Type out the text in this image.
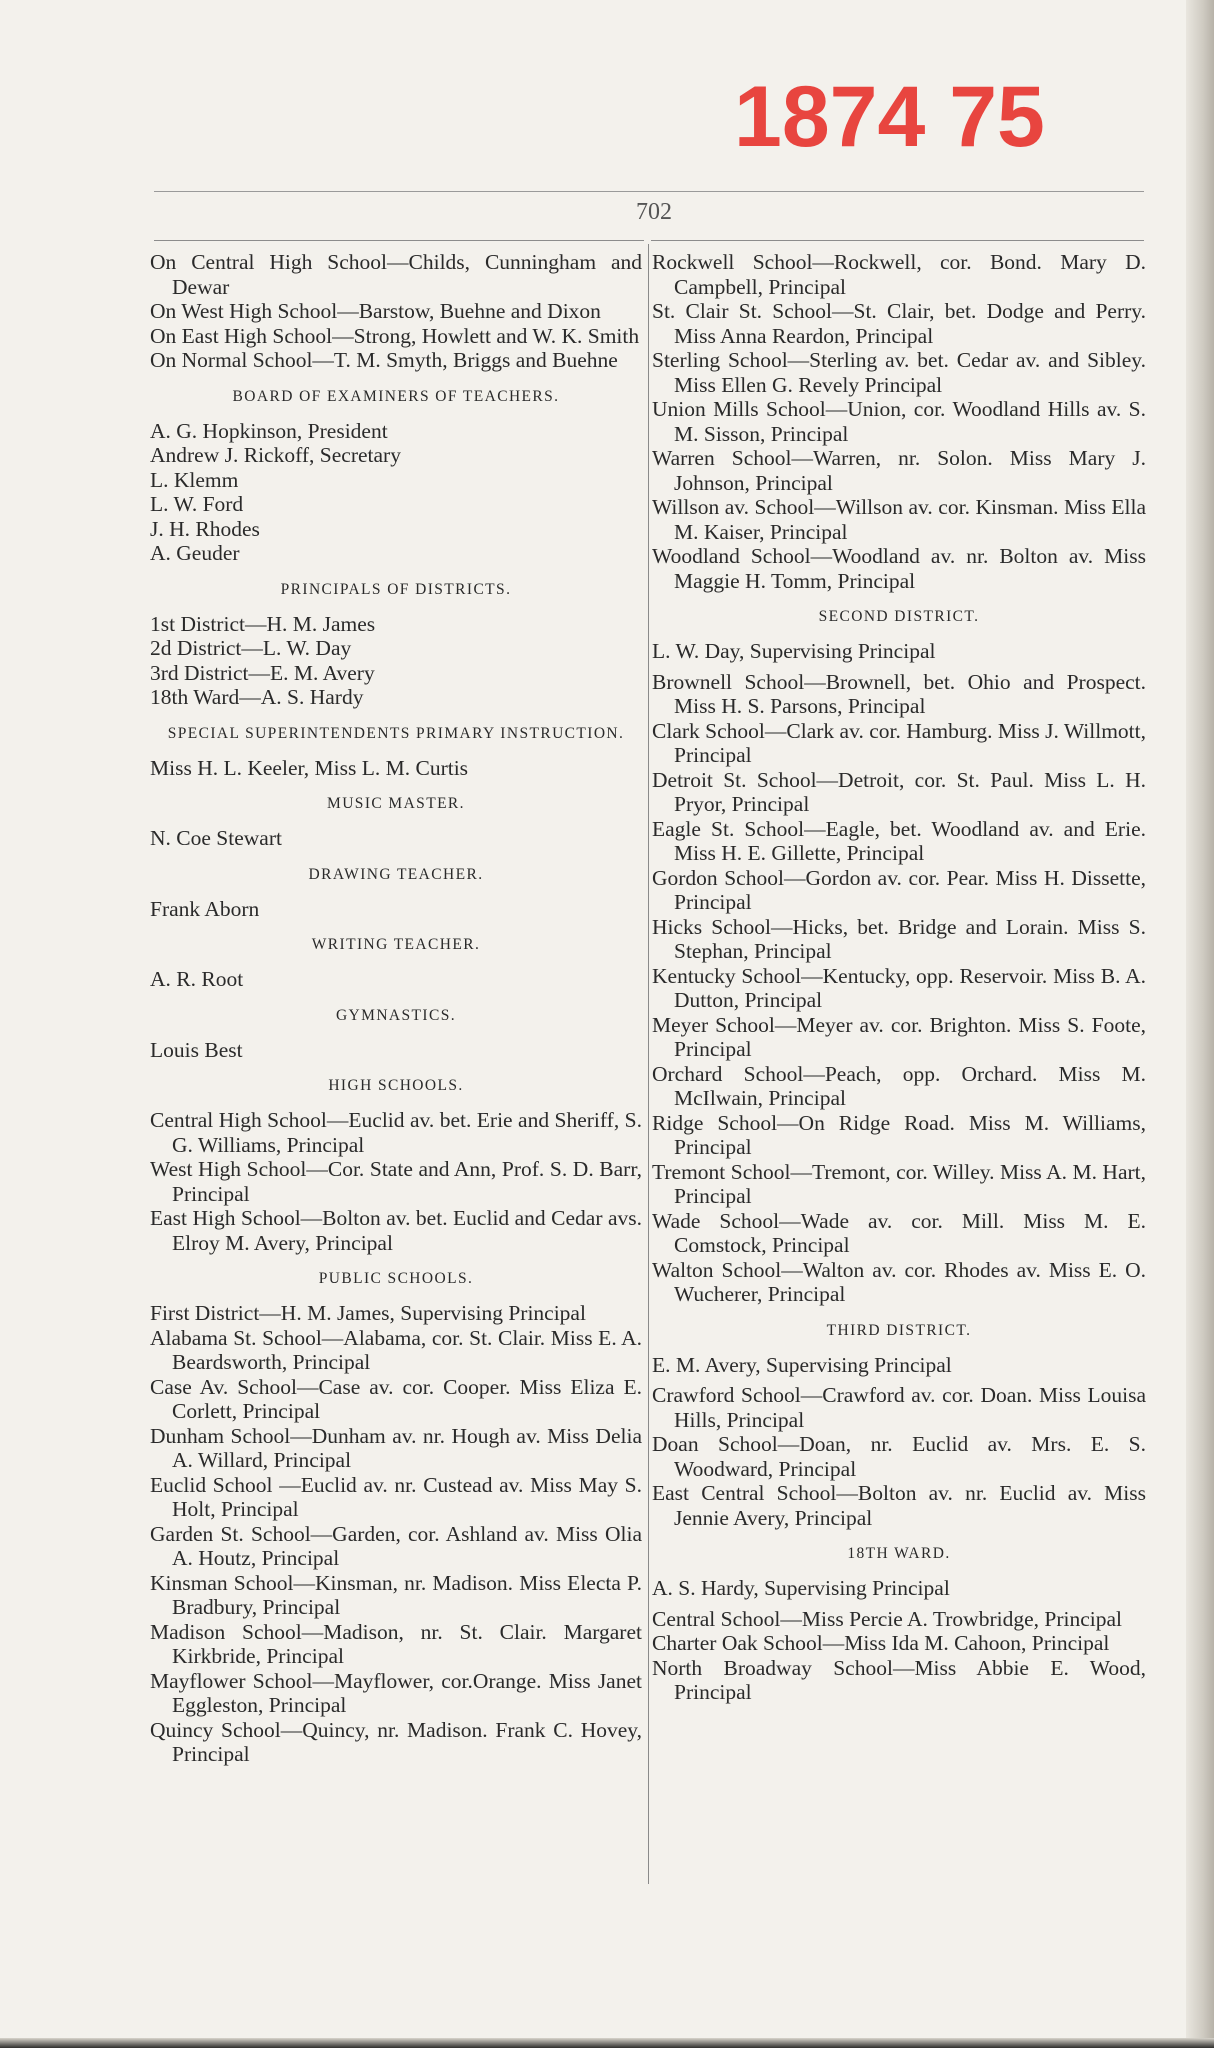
1874 75
702

On Central High School—Childs, Cunningham and Dewar

On West High School—Barstow, Buehne and Dixon

On East High School—Strong, Howlett and W. K. Smith

On Normal School—T. M. Smyth, Briggs and Buehne

BOARD OF EXAMINERS OF TEACHERS.

A. G. Hopkinson, President

Andrew J. Rickoff, Secretary

L. Klemm

L. W. Ford

J. H. Rhodes

A. Geuder

PRINCIPALS OF DISTRICTS.

1st District—H. M. James

2d District—L. W. Day

3rd District—E. M. Avery

18th Ward—A. S. Hardy

SPECIAL SUPERINTENDENTS PRIMARY INSTRUCTION.

Miss H. L. Keeler, Miss L. M. Curtis

MUSIC MASTER.

N. Coe Stewart

DRAWING TEACHER.

Frank Aborn

WRITING TEACHER.

A. R. Root

GYMNASTICS.

Louis Best

HIGH SCHOOLS.

Central High School—Euclid av. bet. Erie and Sheriff, S. G. Williams, Principal

West High School—Cor. State and Ann, Prof. S. D. Barr, Principal

East High School—Bolton av. bet. Euclid and Cedar avs. Elroy M. Avery, Principal

PUBLIC SCHOOLS.

First District—H. M. James, Supervising Principal

Alabama St. School—Alabama, cor. St. Clair. Miss E. A. Beardsworth, Principal

Case Av. School—Case av. cor. Cooper. Miss Eliza E. Corlett, Principal

Dunham School—Dunham av. nr. Hough av. Miss Delia A. Willard, Principal

Euclid School —Euclid av. nr. Custead av. Miss May S. Holt, Principal

Garden St. School—Garden, cor. Ashland av. Miss Olia A. Houtz, Principal

Kinsman School—Kinsman, nr. Madison. Miss Electa P. Bradbury, Principal

Madison School—Madison, nr. St. Clair. Margaret Kirkbride, Principal

Mayflower School—Mayflower, cor.Orange. Miss Janet Eggleston, Principal

Quincy School—Quincy, nr. Madison. Frank C. Hovey, Principal

Rockwell School—Rockwell, cor. Bond. Mary D. Campbell, Principal

St. Clair St. School—St. Clair, bet. Dodge and Perry. Miss Anna Reardon, Principal

Sterling School—Sterling av. bet. Cedar av. and Sibley. Miss Ellen G. Revely Principal

Union Mills School—Union, cor. Woodland Hills av. S. M. Sisson, Principal

Warren School—Warren, nr. Solon. Miss Mary J. Johnson, Principal

Willson av. School—Willson av. cor. Kinsman. Miss Ella M. Kaiser, Principal

Woodland School—Woodland av. nr. Bolton av. Miss Maggie H. Tomm, Principal

SECOND DISTRICT.

L. W. Day, Supervising Principal

Brownell School—Brownell, bet. Ohio and Prospect. Miss H. S. Parsons, Principal

Clark School—Clark av. cor. Hamburg. Miss J. Willmott, Principal

Detroit St. School—Detroit, cor. St. Paul. Miss L. H. Pryor, Principal

Eagle St. School—Eagle, bet. Woodland av. and Erie. Miss H. E. Gillette, Principal

Gordon School—Gordon av. cor. Pear. Miss H. Dissette, Principal

Hicks School—Hicks, bet. Bridge and Lorain. Miss S. Stephan, Principal

Kentucky School—Kentucky, opp. Reservoir. Miss B. A. Dutton, Principal

Meyer School—Meyer av. cor. Brighton. Miss S. Foote, Principal

Orchard School—Peach, opp. Orchard. Miss M. McIlwain, Principal

Ridge School—On Ridge Road. Miss M. Williams, Principal

Tremont School—Tremont, cor. Willey. Miss A. M. Hart, Principal

Wade School—Wade av. cor. Mill. Miss M. E. Comstock, Principal

Walton School—Walton av. cor. Rhodes av. Miss E. O. Wucherer, Principal

THIRD DISTRICT.

E. M. Avery, Supervising Principal

Crawford School—Crawford av. cor. Doan. Miss Louisa Hills, Principal

Doan School—Doan, nr. Euclid av. Mrs. E. S. Woodward, Principal

East Central School—Bolton av. nr. Euclid av. Miss Jennie Avery, Principal

18TH WARD.

A. S. Hardy, Supervising Principal

Central School—Miss Percie A. Trowbridge, Principal

Charter Oak School—Miss Ida M. Cahoon, Principal

North Broadway School—Miss Abbie E. Wood, Principal
